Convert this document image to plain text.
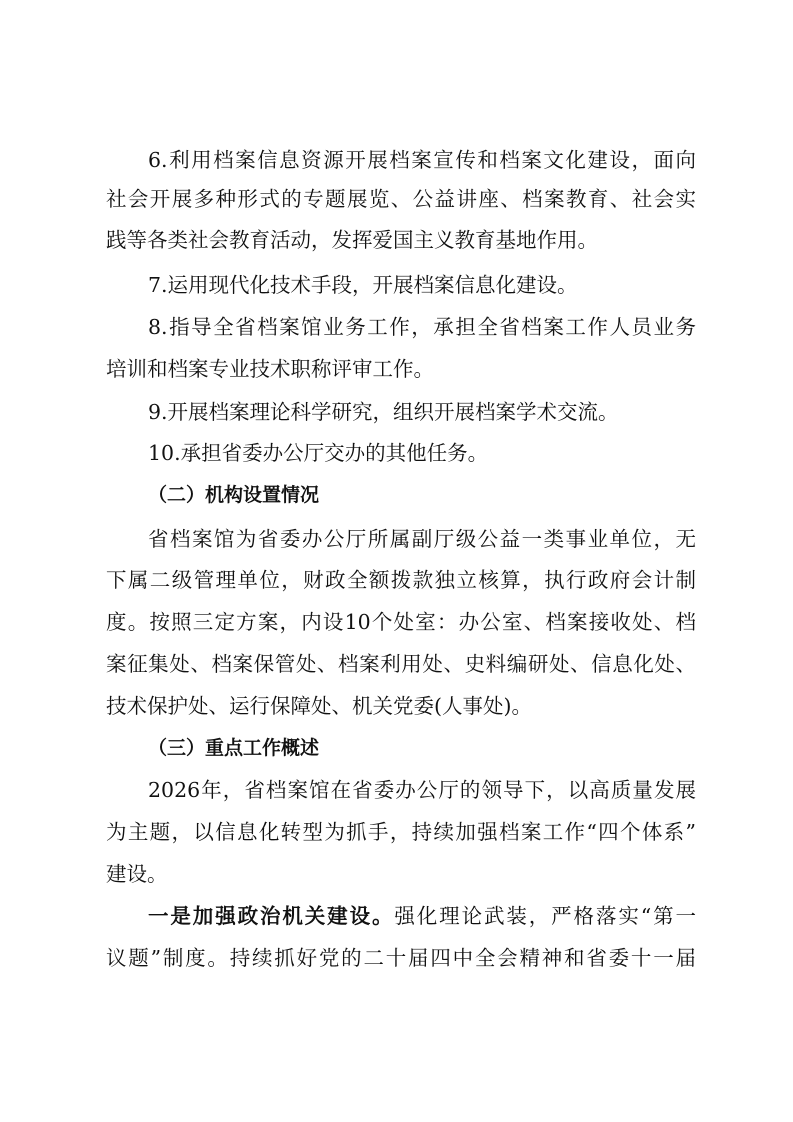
6.利用档案信息资源开展档案宣传和档案文化建设，面向
社会开展多种形式的专题展览、公益讲座、档案教育、社会实
践等各类社会教育活动，发挥爱国主义教育基地作用。
7.运用现代化技术手段，开展档案信息化建设。
8.指导全省档案馆业务工作，承担全省档案工作人员业务
培训和档案专业技术职称评审工作。
9.开展档案理论科学研究，组织开展档案学术交流。
10.承担省委办公厅交办的其他任务。
（二）机构设置情况
省档案馆为省委办公厅所属副厅级公益一类事业单位，无
下属二级管理单位，财政全额拨款独立核算，执行政府会计制
度。按照三定方案，内设10个处室：办公室、档案接收处、档
案征集处、档案保管处、档案利用处、史料编研处、信息化处、
技术保护处、运行保障处、机关党委(人事处)。
（三）重点工作概述
2026年，省档案馆在省委办公厅的领导下，以高质量发展
为主题，以信息化转型为抓手，持续加强档案工作“四个体系”
建设。
一是加强政治机关建设。强化理论武装，严格落实“第一
议题”制度。持续抓好党的二十届四中全会精神和省委十一届
